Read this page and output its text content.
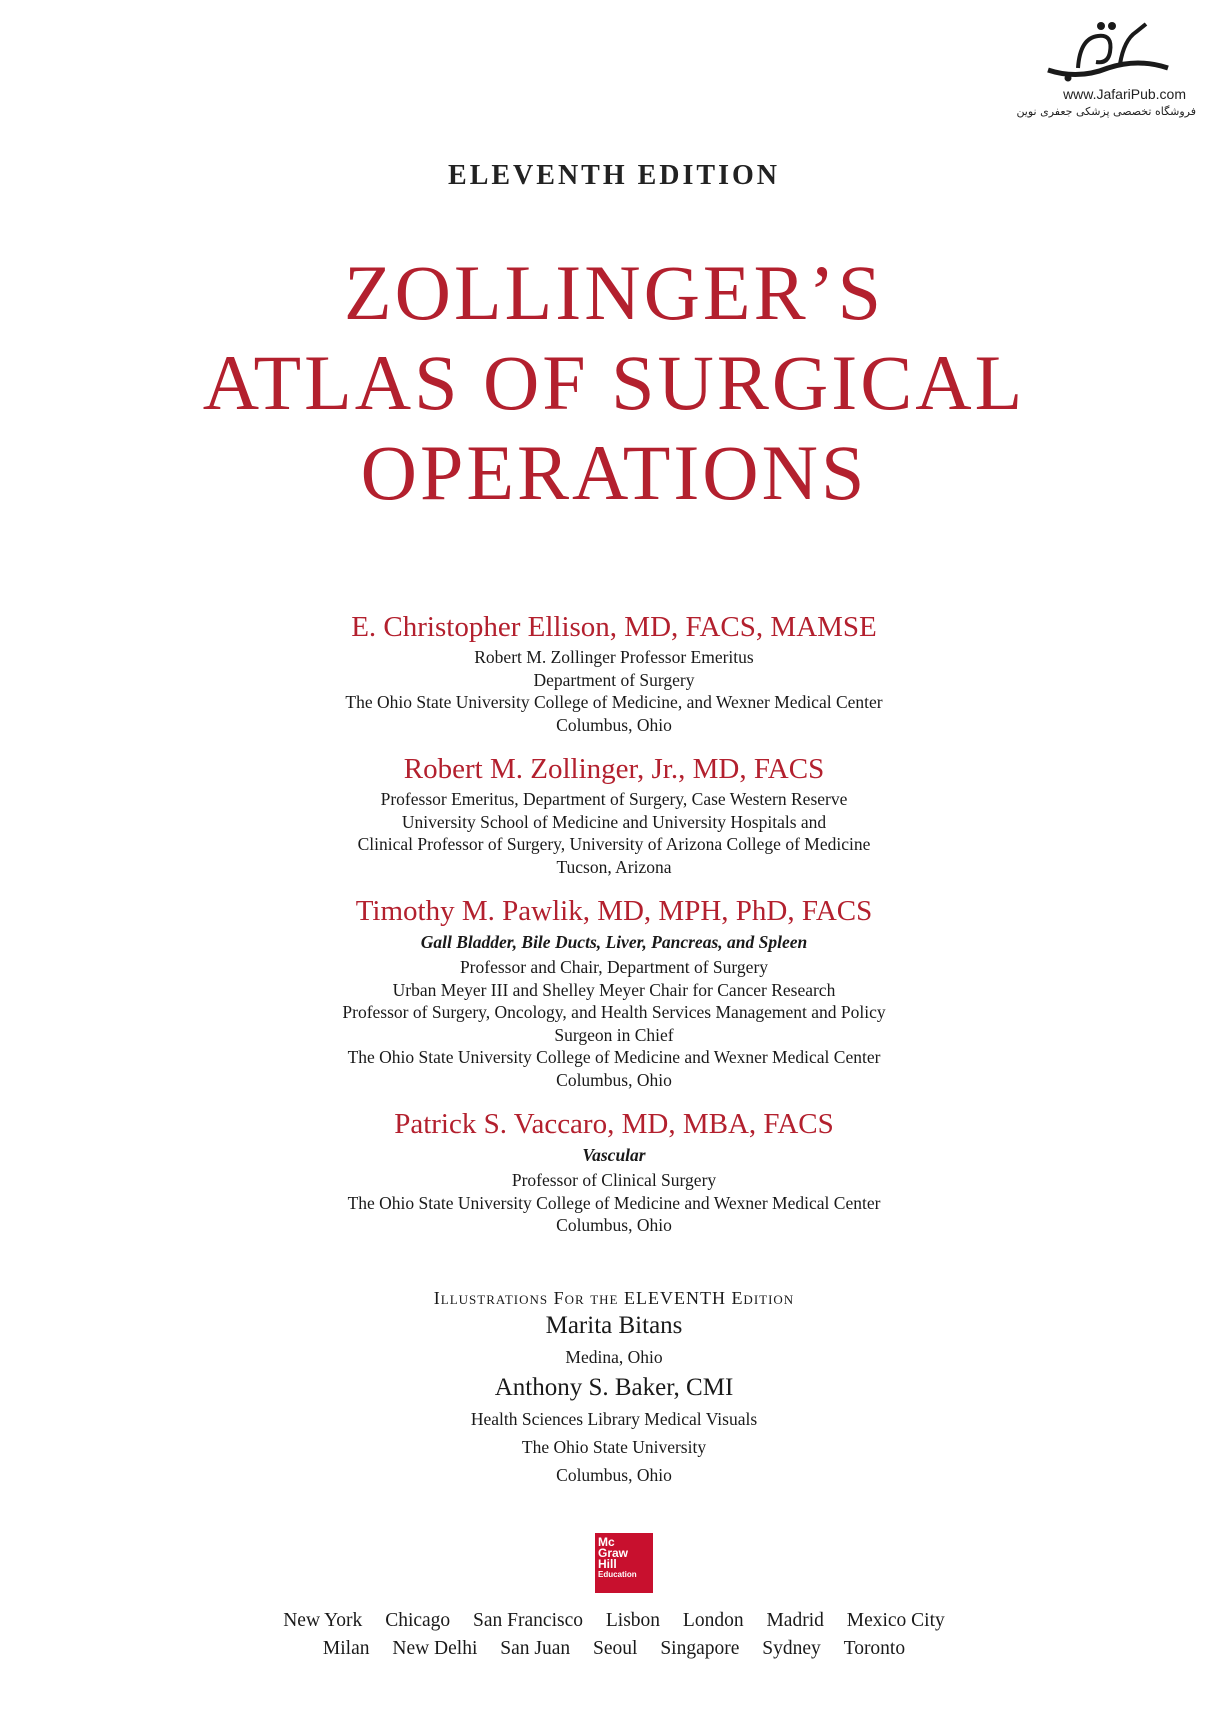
www.JafariPub.com
فروشگاه تخصصی پزشکی جعفری نوین
ELEVENTH EDITION
ZOLLINGER’S
ATLAS OF SURGICAL
OPERATIONS
E. Christopher Ellison, MD, FACS, MAMSE
Robert M. Zollinger Professor Emeritus
Department of Surgery
The Ohio State University College of Medicine, and Wexner Medical Center
Columbus, Ohio
Robert M. Zollinger, Jr., MD, FACS
Professor Emeritus, Department of Surgery, Case Western Reserve
University School of Medicine and University Hospitals and
Clinical Professor of Surgery, University of Arizona College of Medicine
Tucson, Arizona
Timothy M. Pawlik, MD, MPH, PhD, FACS
Gall Bladder, Bile Ducts, Liver, Pancreas, and Spleen
Professor and Chair, Department of Surgery
Urban Meyer III and Shelley Meyer Chair for Cancer Research
Professor of Surgery, Oncology, and Health Services Management and Policy
Surgeon in Chief
The Ohio State University College of Medicine and Wexner Medical Center
Columbus, Ohio
Patrick S. Vaccaro, MD, MBA, FACS
Vascular
Professor of Clinical Surgery
The Ohio State University College of Medicine and Wexner Medical Center
Columbus, Ohio
Illustrations For the ELEVENTH Edition
Marita Bitans
Medina, Ohio
Anthony S. Baker, CMI
Health Sciences Library Medical Visuals
The Ohio State University
Columbus, Ohio
Mc
Graw
Hill
Education
New York Chicago San Francisco Lisbon London Madrid Mexico City
Milan New Delhi San Juan Seoul Singapore Sydney Toronto
